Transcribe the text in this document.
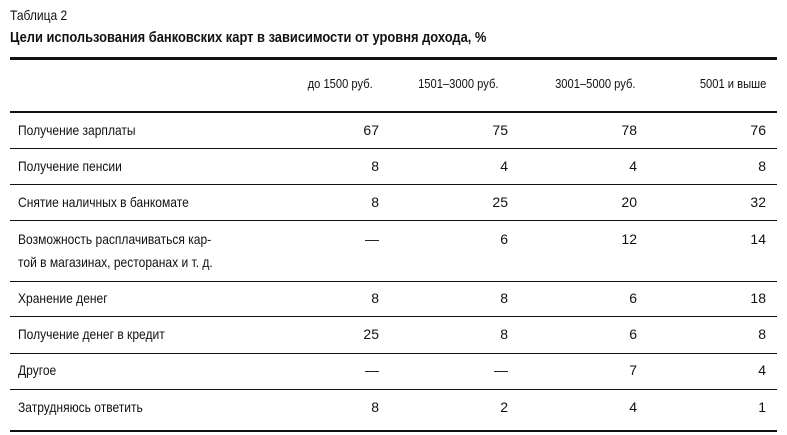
Таблица 2
Цели использования банковских карт в зависимости от уровня дохода, %
до 1500 руб.	1501–3000 руб.	3001–5000 руб.	5001 и выше
Получение зарплаты	67	75	78	76
Получение пенсии	8	4	4	8
Снятие наличных в банкомате	8	25	20	32
Возможность расплачиваться кар-
той в магазинах, ресторанах и т. д.
—	6	12	14
Хранение денег	8	8	6	18
Получение денег в кредит	25	8	6	8
Другое	—	—	7	4
Затрудняюсь ответить	8	2	4	1
